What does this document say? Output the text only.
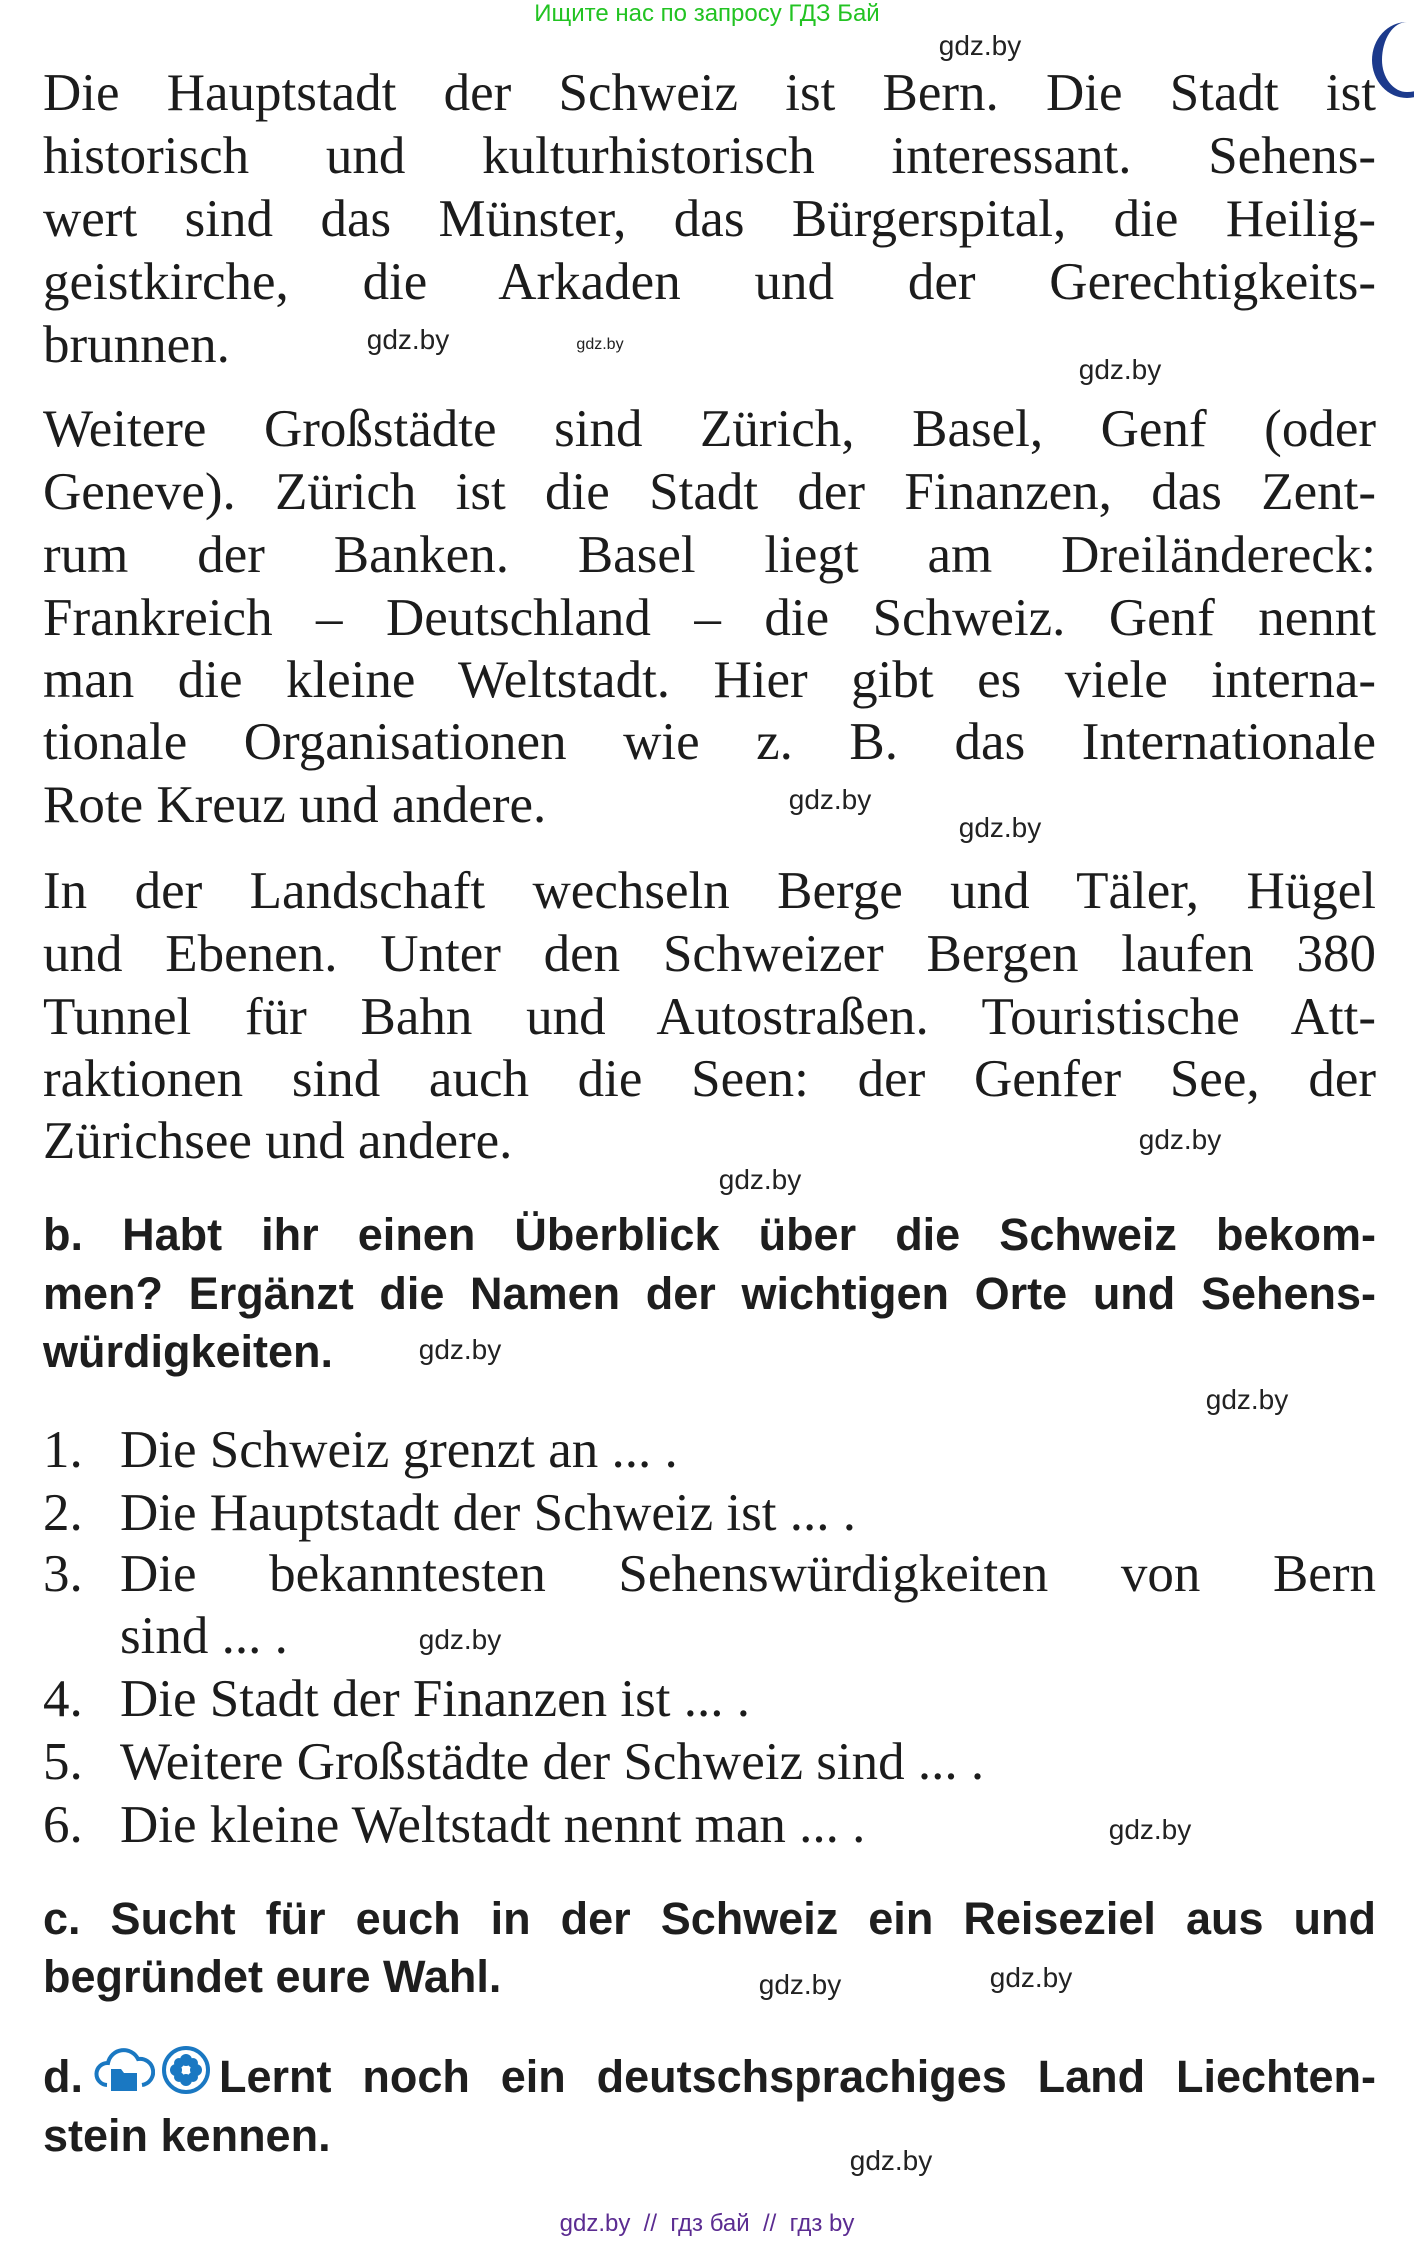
Ищите нас по запросу ГДЗ Бай
Die Hauptstadt der Schweiz ist Bern. Die Stadt ist
historisch und kulturhistorisch interessant. Sehens-
wert sind das Münster, das Bürgerspital, die Heilig-
geistkirche, die Arkaden und der Gerechtigkeits-
brunnen.
Weitere Großstädte sind Zürich, Basel, Genf (oder
Geneve). Zürich ist die Stadt der Finanzen, das Zent-
rum der Banken. Basel liegt am Dreiländereck:
Frankreich – Deutschland – die Schweiz. Genf nennt
man die kleine Weltstadt. Hier gibt es viele interna-
tionale Organisationen wie z. B. das Internationale
Rote Kreuz und andere.
In der Landschaft wechseln Berge und Täler, Hügel
und Ebenen. Unter den Schweizer Bergen laufen 380
Tunnel für Bahn und Autostraßen. Touristische Att-
raktionen sind auch die Seen: der Genfer See, der
Zürichsee und andere.
b. Habt ihr einen Überblick über die Schweiz bekom-
men? Ergänzt die Namen der wichtigen Orte und Sehens-
würdigkeiten.
1. Die Schweiz grenzt an ... .
2. Die Hauptstadt der Schweiz ist ... .
3. Die bekanntesten Sehenswürdigkeiten von Bern
sind ... .
4. Die Stadt der Finanzen ist ... .
5. Weitere Großstädte der Schweiz sind ... .
6. Die kleine Weltstadt nennt man ... .
c. Sucht für euch in der Schweiz ein Reiseziel aus und
begründet eure Wahl.
d.	Lernt noch ein deutschsprachiges Land Liechten-
stein kennen.
gdz.by
gdz.by
gdz.by
gdz.by
gdz.by
gdz.by
gdz.by
gdz.by
gdz.by
gdz.by
gdz.by
gdz.by
gdz.by
gdz.by
gdz.by
gdz.by  //  гдз бай  //  гдз by
